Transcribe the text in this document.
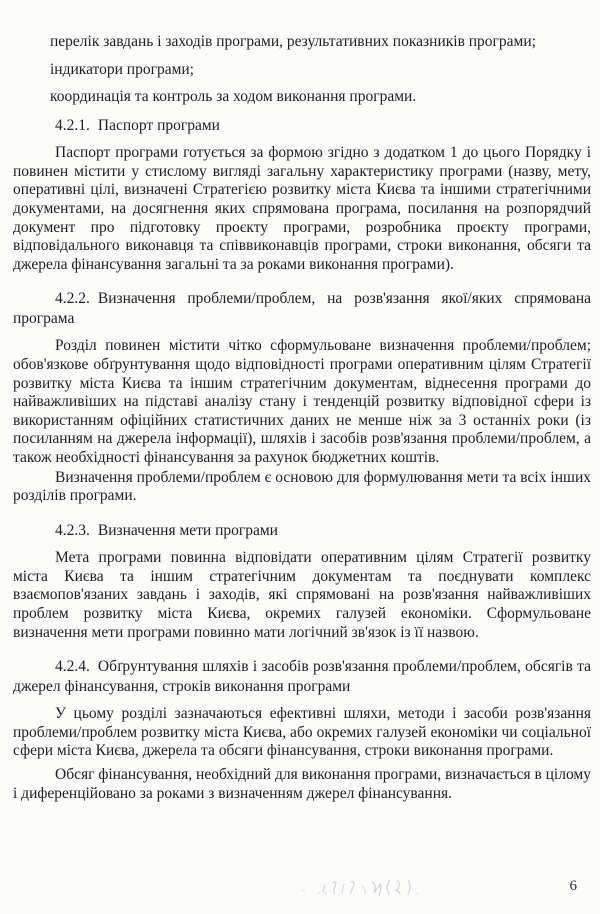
перелік завдань і заходів програми, результативних показників програми;

індикатори програми;

координація та контроль за ходом виконання програми.

4.2.1. Паспорт програми

Паспорт програми готується за формою згідно з додатком 1 до цього Порядку і повинен містити у стислому вигляді загальну характеристику програми (назву, мету, оперативні цілі, визначені Стратегією розвитку міста Києва та іншими стратегічними документами, на досягнення яких спрямована програма, посилання на розпорядчий документ про підготовку проєкту програми, розробника проєкту програми, відповідального виконавця та співвиконавців програми, строки виконання, обсяги та джерела фінансування загальні та за роками виконання програми).

4.2.2. Визначення проблеми/проблем, на розв'язання якої/яких спрямована програма

Розділ повинен містити чітко сформульоване визначення проблеми/проблем; обов'язкове обґрунтування щодо відповідності програми оперативним цілям Стратегії розвитку міста Києва та іншим стратегічним документам, віднесення програми до найважливіших на підставі аналізу стану і тенденцій розвитку відповідної сфери із використанням офіційних статистичних даних не менше ніж за 3 останніх роки (із посиланням на джерела інформації), шляхів і засобів розв'язання проблеми/проблем, а також необхідності фінансування за рахунок бюджетних коштів.

Визначення проблеми/проблем є основою для формулювання мети та всіх інших розділів програми.

4.2.3. Визначення мети програми

Мета програми повинна відповідати оперативним цілям Стратегії розвитку міста Києва та іншим стратегічним документам та поєднувати комплекс взаємопов'язаних завдань і заходів, які спрямовані на розв'язання найважливіших проблем розвитку міста Києва, окремих галузей економіки. Сформульоване визначення мети програми повинно мати логічний зв'язок із її назвою.

4.2.4. Обґрунтування шляхів і засобів розв'язання проблеми/проблем, обсягів та джерел фінансування, строків виконання програми

У цьому розділі зазначаються ефективні шляхи, методи і засоби розв'язання проблеми/проблем розвитку міста Києва, або окремих галузей економіки чи соціальної сфери міста Києва, джерела та обсяги фінансування, строки виконання програми.

Обсяг фінансування, необхідний для виконання програми, визначається в цілому і диференційовано за роками з визначенням джерел фінансування.

6
